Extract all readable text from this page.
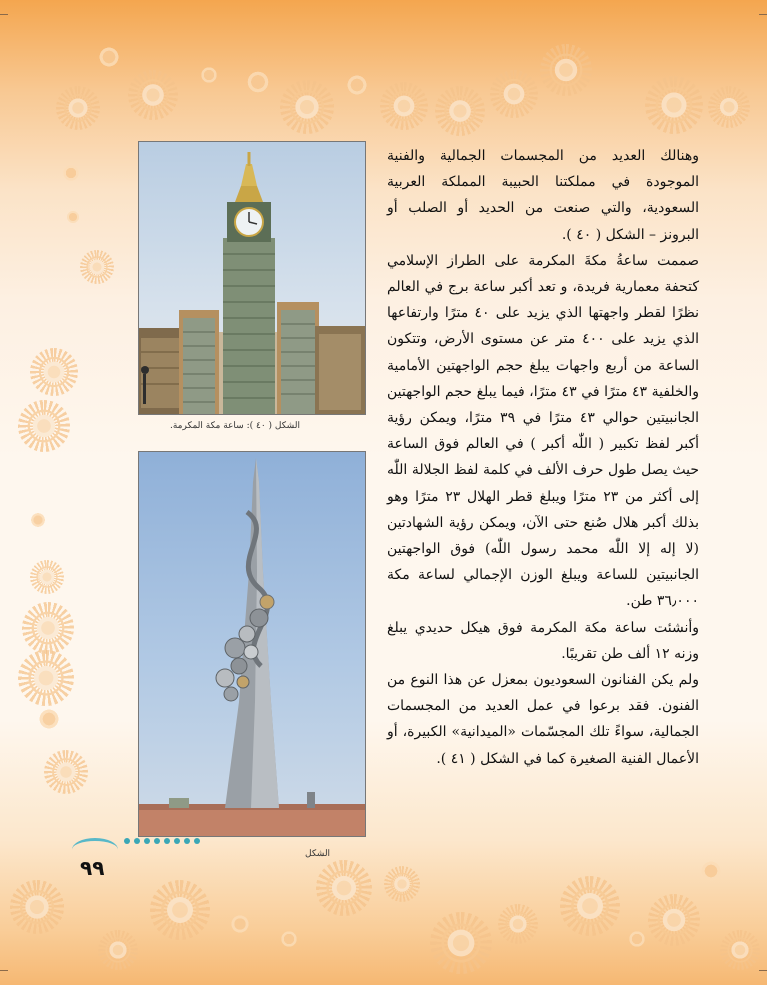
الشكل ( ٤٠ ): ساعة مكة المكرمة.
الشكل

وهنالك العديد من المجسمات الجمالية والفنية الموجودة في مملكتنا الحبيبة المملكة العربية السعودية، والتي صنعت من الحديد أو الصلب أو البرونز – الشكل ( ٤٠ ).

صممت ساعةُ مكةَ المكرمة على الطراز الإسلامي كتحفة معمارية فريدة، و تعد أكبر ساعة برج في العالم نظرًا لقطر واجهتها الذي يزيد على ٤٠ مترًا وارتفاعها الذي يزيد على ٤٠٠ متر عن مستوى الأرض، وتتكون الساعة من أربع واجهات يبلغ حجم الواجهتين الأمامية والخلفية ٤٣ مترًا في ٤٣ مترًا، فيما يبلغ حجم الواجهتين الجانبيتين حوالي ٤٣ مترًا في ٣٩ مترًا، ويمكن رؤية أكبر لفظ تكبير ( اللّٰه أكبر ) في العالم فوق الساعة حيث يصل طول حرف الألف في كلمة لفظ الجلالة اللّٰه إلى أكثر من ٢٣ مترًا ويبلغ قطر الهلال ٢٣ مترًا وهو بذلك أكبر هلال صُنع حتى الآن، ويمكن رؤية الشهادتين (لا إله إلا اللّٰه محمد رسول اللّٰه) فوق الواجهتين الجانبيتين للساعة ويبلغ الوزن الإجمالي لساعة مكة ٣٦٫٠٠٠ طن.

وأنشئت ساعة مكة المكرمة فوق هيكل حديدي يبلغ وزنه ١٢ ألف طن تقريبًا.

ولم يكن الفنانون السعوديون بمعزل عن هذا النوع من الفنون. فقد برعوا في عمل العديد من المجسمات الجمالية، سواءً تلك المجسّمات «الميدانية» الكبيرة، أو الأعمال الفنية الصغيرة كما في الشكل ( ٤١ ).

٩٩
